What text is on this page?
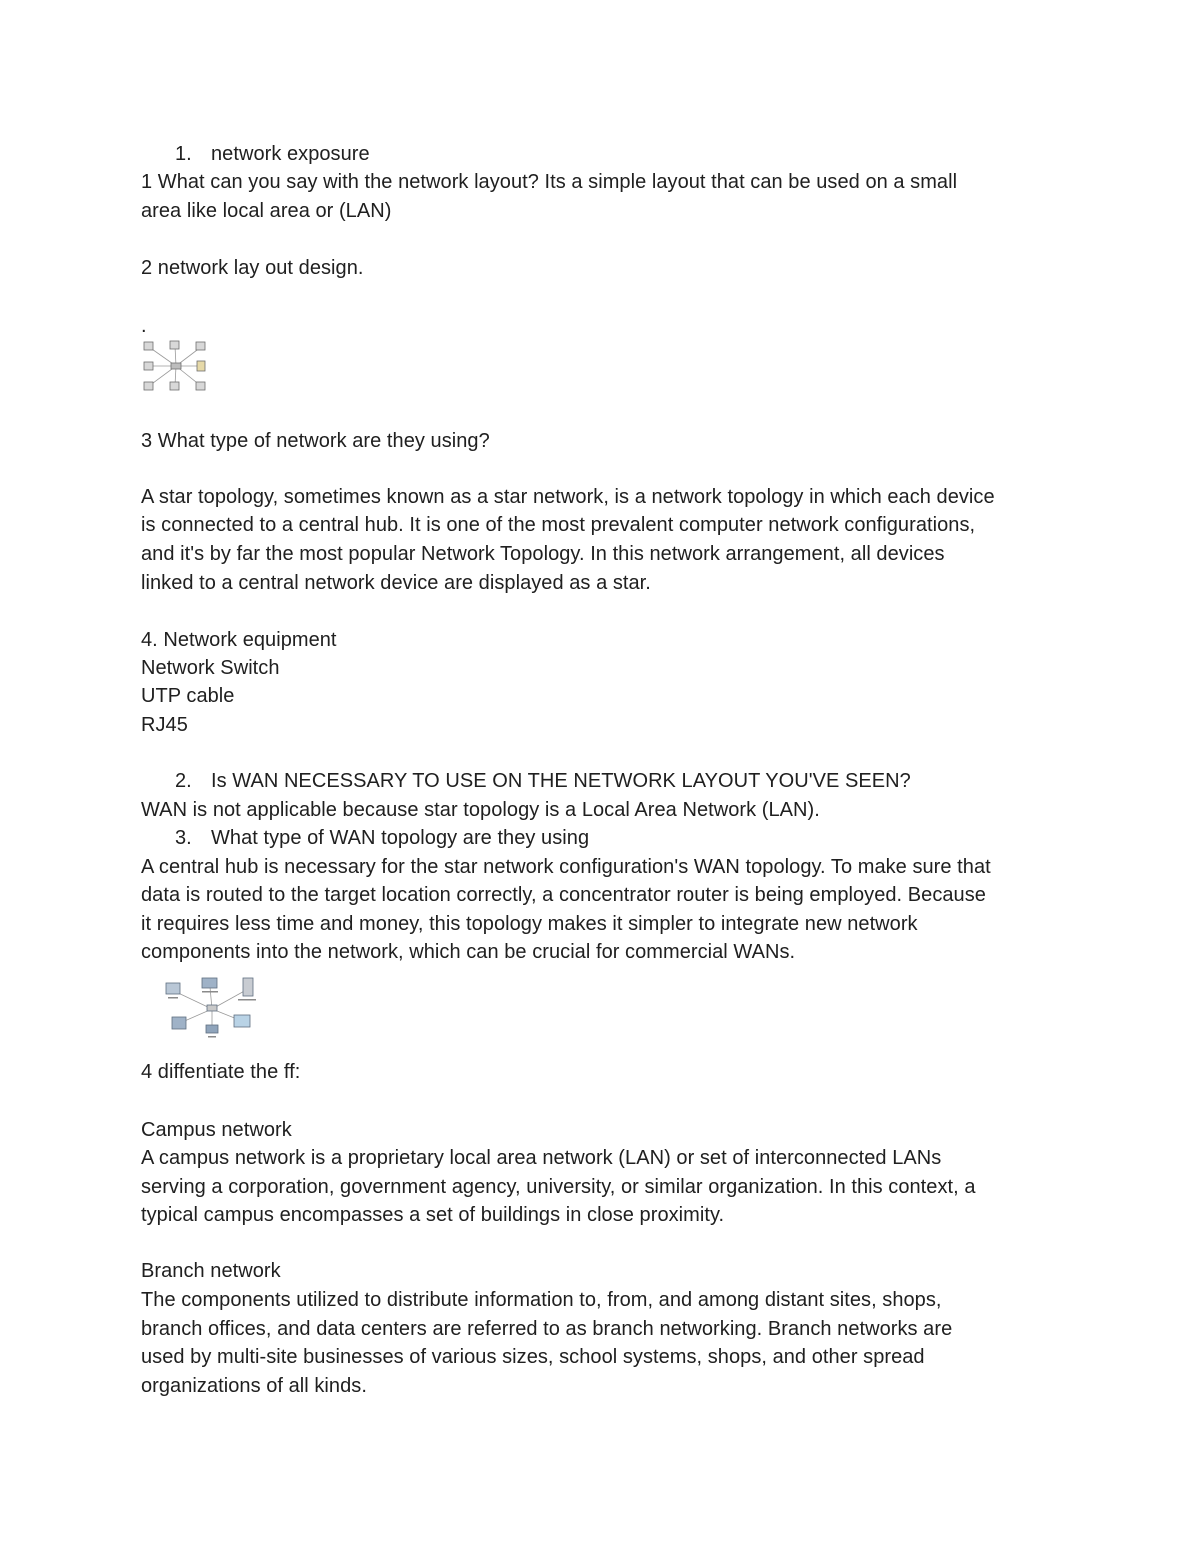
1. network exposure
1 What can you say with the network layout? Its a simple layout that can be used on a small
area like local area or (LAN)
2 network lay out design.
.
3 What type of network are they using?
A star topology, sometimes known as a star network, is a network topology in which each device
is connected to a central hub. It is one of the most prevalent computer network configurations,
and it's by far the most popular Network Topology. In this network arrangement, all devices
linked to a central network device are displayed as a star.
4. Network equipment
Network Switch
UTP cable
RJ45
2. Is WAN NECESSARY TO USE ON THE NETWORK LAYOUT YOU'VE SEEN?
WAN is not applicable because star topology is a Local Area Network (LAN).
3. What type of WAN topology are they using
A central hub is necessary for the star network configuration's WAN topology. To make sure that
data is routed to the target location correctly, a concentrator router is being employed. Because
it requires less time and money, this topology makes it simpler to integrate new network
components into the network, which can be crucial for commercial WANs.
4 diffentiate the ff:
Campus network
A campus network is a proprietary local area network (LAN) or set of interconnected LANs
serving a corporation, government agency, university, or similar organization. In this context, a
typical campus encompasses a set of buildings in close proximity.
Branch network
The components utilized to distribute information to, from, and among distant sites, shops,
branch offices, and data centers are referred to as branch networking. Branch networks are
used by multi-site businesses of various sizes, school systems, shops, and other spread
organizations of all kinds.
